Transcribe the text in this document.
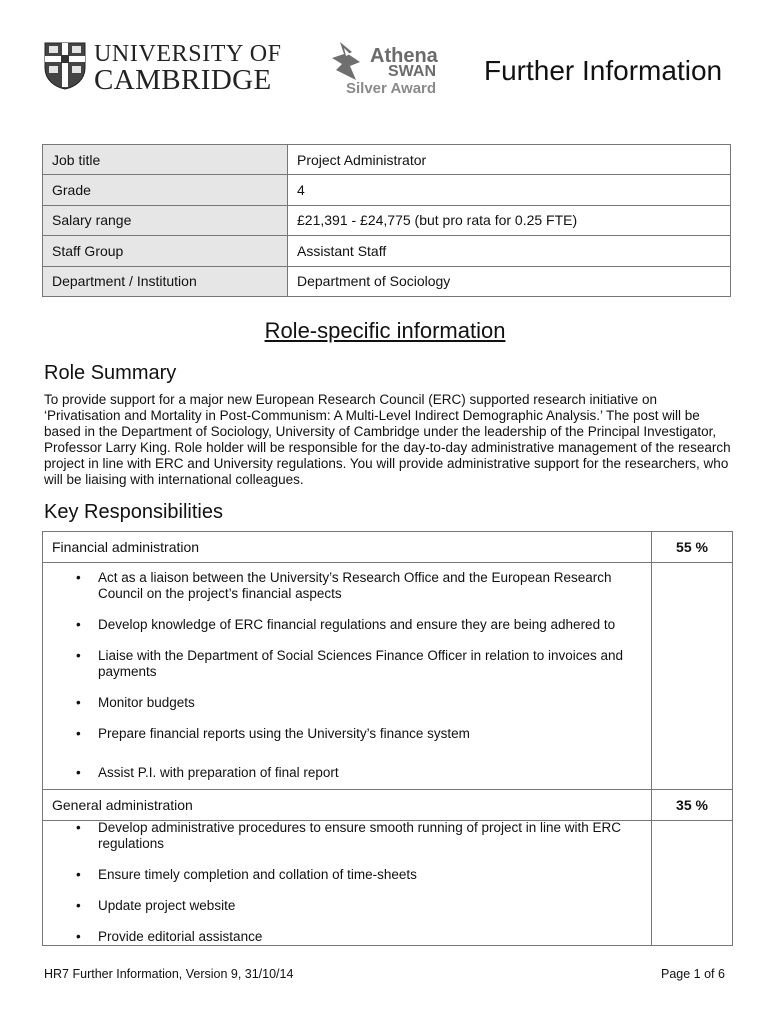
UNIVERSITY OF
CAMBRIDGE
Athena
SWAN
Silver Award
Further Information
Job title	Project Administrator
Grade	4
Salary range	£21,391 - £24,775 (but pro rata for 0.25 FTE)
Staff Group	Assistant Staff
Department / Institution	Department of Sociology
Role-specific information
Role Summary
To provide support for a major new European Research Council (ERC) supported research initiative on ‘Privatisation and Mortality in Post-Communism: A Multi-Level Indirect Demographic Analysis.’ The post will be based in the Department of Sociology, University of Cambridge under the leadership of the Principal Investigator, Professor Larry King. Role holder will be responsible for the day-to-day administrative management of the research project in line with ERC and University regulations. You will provide administrative support for the researchers, who will be liaising with international colleagues.
Key Responsibilities
Financial administration	55 %
• Act as a liaison between the University’s Research Office and the European Research Council on the project’s financial aspects
• Develop knowledge of ERC financial regulations and ensure they are being adhered to
• Liaise with the Department of Social Sciences Finance Officer in relation to invoices and payments
• Monitor budgets
• Prepare financial reports using the University’s finance system
• Assist P.I. with preparation of final report
General administration	35 %
• Develop administrative procedures to ensure smooth running of project in line with ERC regulations
• Ensure timely completion and collation of time-sheets
• Update project website
• Provide editorial assistance
HR7 Further Information, Version 9, 31/10/14	Page 1 of 6
